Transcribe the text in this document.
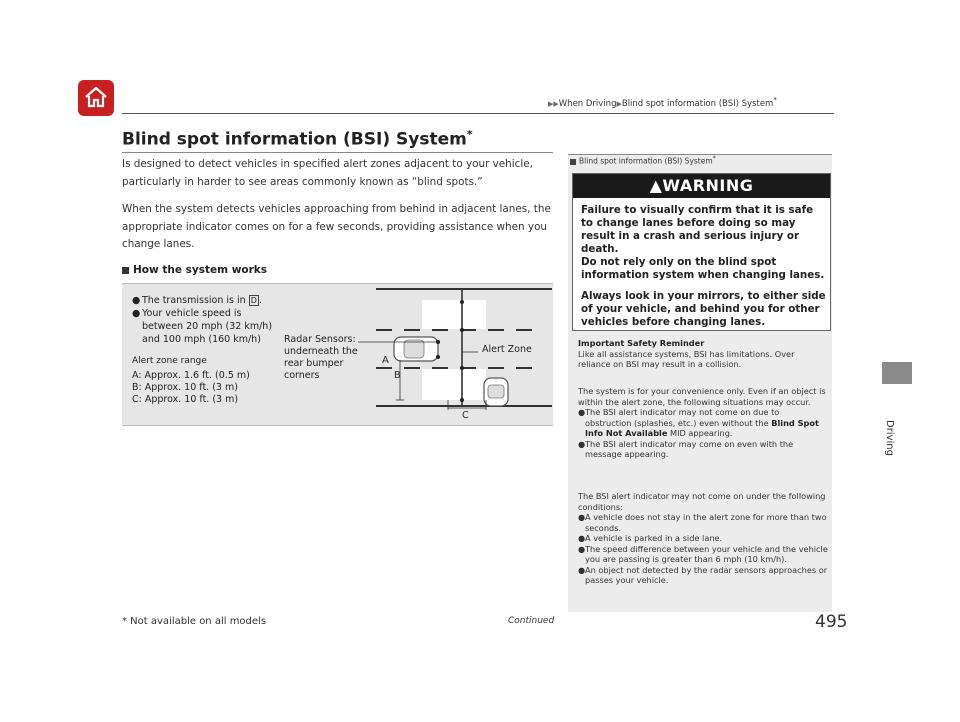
▶▶When Driving▶Blind spot information (BSI) System*
Blind spot information (BSI) System*
Is designed to detect vehicles in specified alert zones adjacent to your vehicle, particularly in harder to see areas commonly known as “blind spots.”
When the system detects vehicles approaching from behind in adjacent lanes, the appropriate indicator comes on for a few seconds, providing assistance when you change lanes.
How the system works
● The transmission is in D .
● Your vehicle speed is between 20 mph (32 km/h) and 100 mph (160 km/h)
Alert zone range
A: Approx. 1.6 ft. (0.5 m)
B: Approx. 10 ft. (3 m)
C: Approx. 10 ft. (3 m)
Radar Sensors: underneath the rear bumper corners
A
B
C
Alert Zone
Driving
Blind spot information (BSI) System*
▲WARNING
Failure to visually confirm that it is safe to change lanes before doing so may result in a crash and serious injury or death.
Do not rely only on the blind spot information system when changing lanes.
Always look in your mirrors, to either side of your vehicle, and behind you for other vehicles before changing lanes.
Important Safety Reminder
Like all assistance systems, BSI has limitations. Over reliance on BSI may result in a collision.
The system is for your convenience only. Even if an object is within the alert zone, the following situations may occur.
● The BSI alert indicator may not come on due to obstruction (splashes, etc.) even without the Blind Spot Info Not Available MID appearing.
● The BSI alert indicator may come on even with the message appearing.
The BSI alert indicator may not come on under the following conditions:
● A vehicle does not stay in the alert zone for more than two seconds.
● A vehicle is parked in a side lane.
● The speed difference between your vehicle and the vehicle you are passing is greater than 6 mph (10 km/h).
● An object not detected by the radar sensors approaches or passes your vehicle.
* Not available on all models	Continued	495
